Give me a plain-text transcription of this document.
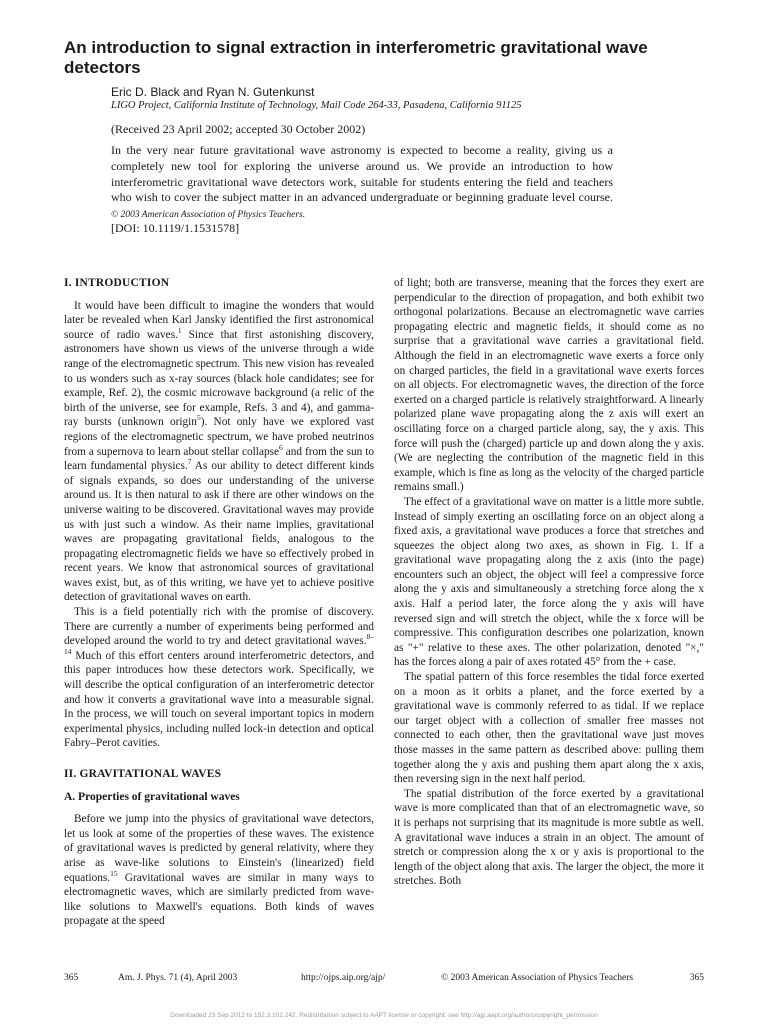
An introduction to signal extraction in interferometric gravitational wave detectors
Eric D. Black and Ryan N. Gutenkunst
LIGO Project, California Institute of Technology, Mail Code 264-33, Pasadena, California 91125
(Received 23 April 2002; accepted 30 October 2002)

In the very near future gravitational wave astronomy is expected to become a reality, giving us a completely new tool for exploring the universe around us. We provide an introduction to how interferometric gravitational wave detectors work, suitable for students entering the field and teachers who wish to cover the subject matter in an advanced undergraduate or beginning graduate level course. © 2003 American Association of Physics Teachers.

[DOI: 10.1119/1.1531578]
I. INTRODUCTION

It would have been difficult to imagine the wonders that would later be revealed when Karl Jansky identified the first astronomical source of radio waves.$^1$ Since that first astonishing discovery, astronomers have shown us views of the universe through a wide range of the electromagnetic spectrum. This new vision has revealed to us wonders such as x-ray sources (black hole candidates; see for example, Ref. 2), the cosmic microwave background (a relic of the birth of the universe, see for example, Refs. 3 and 4), and gamma-ray bursts (unknown origin$^5$). Not only have we explored vast regions of the electromagnetic spectrum, we have probed neutrinos from a supernova to learn about stellar collapse$^6$ and from the sun to learn fundamental physics.$^7$ As our ability to detect different kinds of signals expands, so does our understanding of the universe around us. It is then natural to ask if there are other windows on the universe waiting to be discovered. Gravitational waves may provide us with just such a window. As their name implies, gravitational waves are propagating gravitational fields, analogous to the propagating electromagnetic fields we have so effectively probed in recent years. We know that astronomical sources of gravitational waves exist, but, as of this writing, we have yet to achieve positive detection of gravitational waves on earth.

This is a field potentially rich with the promise of discovery. There are currently a number of experiments being performed and developed around the world to try and detect gravitational waves.$^{8-14}$ Much of this effort centers around interferometric detectors, and this paper introduces how these detectors work. Specifically, we will describe the optical configuration of an interferometric detector and how it converts a gravitational wave into a measurable signal. In the process, we will touch on several important topics in modern experimental physics, including nulled lock-in detection and optical Fabry–Perot cavities.

II. GRAVITATIONAL WAVES
A. Properties of gravitational waves

Before we jump into the physics of gravitational wave detectors, let us look at some of the properties of these waves. The existence of gravitational waves is predicted by general relativity, where they arise as wave-like solutions to Einstein's (linearized) field equations.$^{15}$ Gravitational waves are similar in many ways to electromagnetic waves, which are similarly predicted from wave-like solutions to Maxwell's equations. Both kinds of waves propagate at the speed

of light; both are transverse, meaning that the forces they exert are perpendicular to the direction of propagation, and both exhibit two orthogonal polarizations. Because an electromagnetic wave carries propagating electric and magnetic fields, it should come as no surprise that a gravitational wave carries a gravitational field. Although the field in an electromagnetic wave exerts a force only on charged particles, the field in a gravitational wave exerts forces on all objects. For electromagnetic waves, the direction of the force exerted on a charged particle is relatively straightforward. A linearly polarized plane wave propagating along the z axis will exert an oscillating force on a charged particle along, say, the y axis. This force will push the (charged) particle up and down along the y axis. (We are neglecting the contribution of the magnetic field in this example, which is fine as long as the velocity of the charged particle remains small.)

The effect of a gravitational wave on matter is a little more subtle. Instead of simply exerting an oscillating force on an object along a fixed axis, a gravitational wave produces a force that stretches and squeezes the object along two axes, as shown in Fig. 1. If a gravitational wave propagating along the z axis (into the page) encounters such an object, the object will feel a compressive force along the y axis and simultaneously a stretching force along the x axis. Half a period later, the force along the y axis will have reversed sign and will stretch the object, while the x force will be compressive. This configuration describes one polarization, known as "+" relative to these axes. The other polarization, denoted "×," has the forces along a pair of axes rotated 45° from the + case.

The spatial pattern of this force resembles the tidal force exerted on a moon as it orbits a planet, and the force exerted by a gravitational wave is commonly referred to as tidal. If we replace our target object with a collection of smaller free masses not connected to each other, then the gravitational wave just moves those masses in the same pattern as described above: pulling them together along the y axis and pushing them apart along the x axis, then reversing sign in the next half period.

The spatial distribution of the force exerted by a gravitational wave is more complicated than that of an electromagnetic wave, so it is perhaps not surprising that its magnitude is more subtle as well. A gravitational wave induces a strain in an object. The amount of stretch or compression along the x or y axis is proportional to the length of the object along that axis. The larger the object, the more it stretches. Both

365	Am. J. Phys. 71 (4), April 2003	http://ojps.aip.org/ajp/	© 2003 American Association of Physics Teachers	365
Downloaded 23 Sep 2012 to 152.3.102.242. Redistribution subject to AAPT license or copyright; see http://ajp.aapt.org/authors/copyright_permission
